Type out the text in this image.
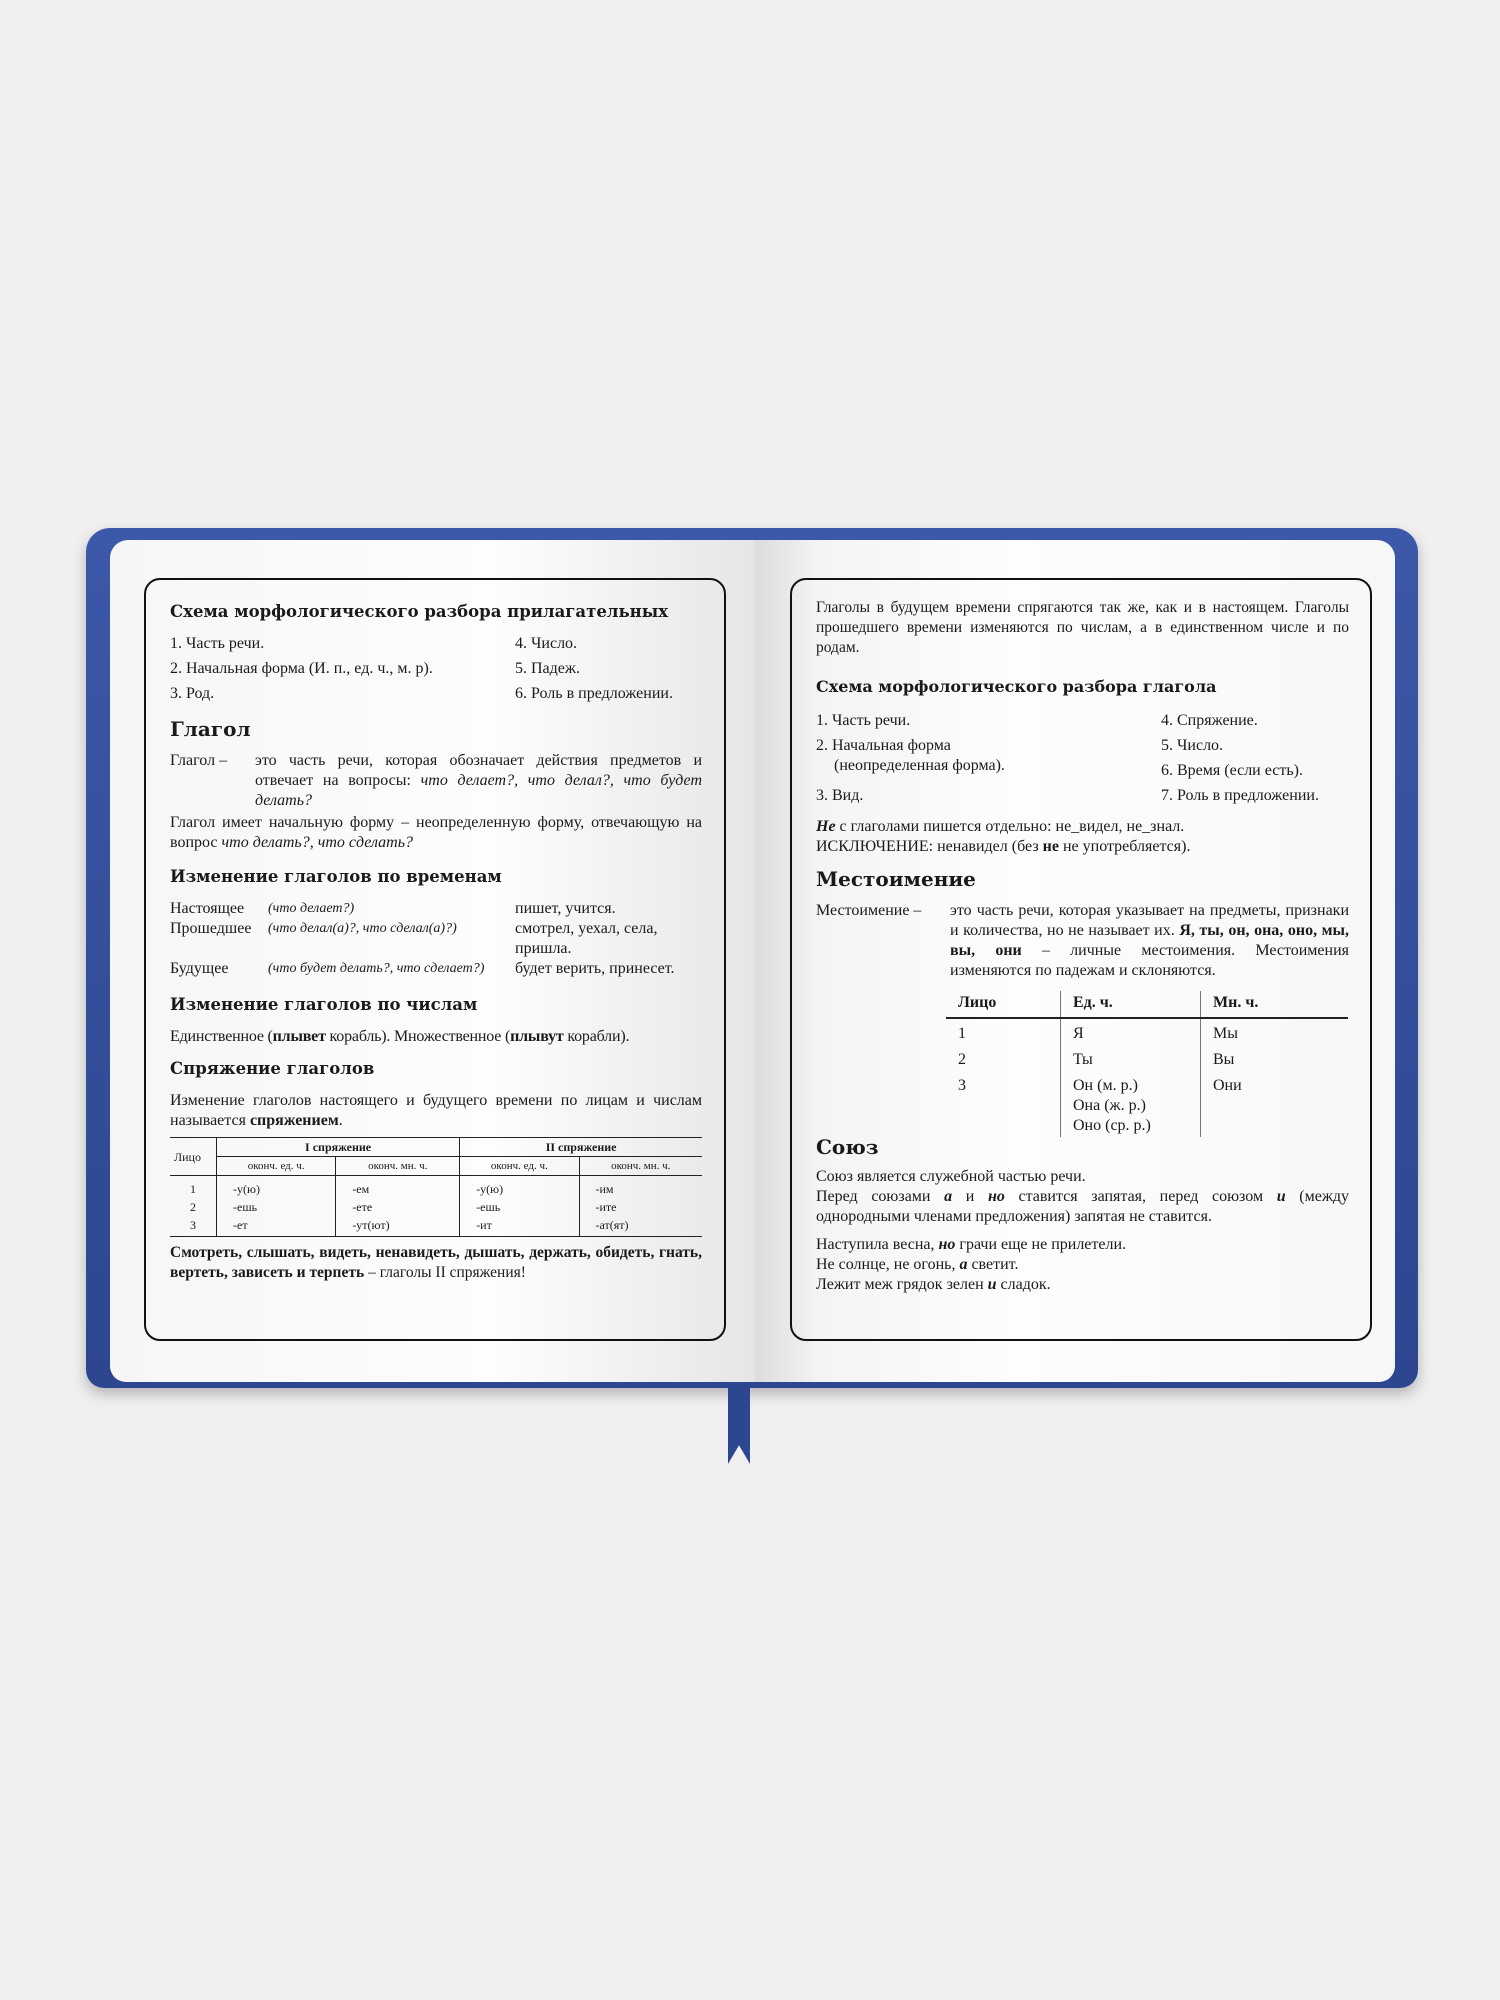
Схема морфологического разбора прилагательных
1. Часть речи.
2. Начальная форма (И. п., ед. ч., м. р).
3. Род.
4. Число.
5. Падеж.
6. Роль в предложении.
Глагол
Глагол –	это часть речи, которая обозначает действия предметов и отвечает на вопросы: что делает?, что делал?, что будет делать?
Глагол имеет начальную форму – неопределенную форму, отвечающую на вопрос что делать?, что сделать?
Изменение глаголов по временам
Настоящее	(что делает?)	пишет, учится.
Прошедшее	(что делал(а)?, что сделал(а)?)	смотрел, уехал, села, пришла.
Будущее	(что будет делать?, что сделает?)	будет верить, принесет.
Изменение глаголов по числам
Единственное (плывет корабль). Множественное (плывут корабли).
Спряжение глаголов
Изменение глаголов настоящего и будущего времени по лицам и числам называется спряжением.
Лицо	I спряжение		II спряжение	
	оконч. ед. ч.	оконч. мн. ч.	оконч. ед. ч.	оконч. мн. ч.
1	-у(ю)	-ем	-у(ю)	-им
2	-ешь	-ете	-ешь	-ите
3	-ет	-ут(ют)	-ит	-ат(ят)
Смотреть, слышать, видеть, ненавидеть, дышать, держать, обидеть, гнать, вертеть, зависеть и терпеть – глаголы II спряжения!
Глаголы в будущем времени спрягаются так же, как и в настоящем. Глаголы прошедшего времени изменяются по числам, а в единственном числе и по родам.
Схема морфологического разбора глагола
1. Часть речи.
2. Начальная форма
(неопределенная форма).
3. Вид.
4. Спряжение.
5. Число.
6. Время (если есть).
7. Роль в предложении.
Не с глаголами пишется отдельно: не_видел, не_знал.
ИСКЛЮЧЕНИЕ: ненавидел (без не не употребляется).
Местоимение
Местоимение –	это часть речи, которая указывает на предметы, признаки и количества, но не называет их. Я, ты, он, она, оно, мы, вы, они – личные местоимения. Местоимения изменяются по падежам и склоняются.
Лицо	Ед. ч.	Мн. ч.
1	Я	Мы
2	Ты	Вы
3	Он (м. р.)
Она (ж. р.)
Оно (ср. р.)	Они
Союз
Союз является служебной частью речи.
Перед союзами а и но ставится запятая, перед союзом и (между однородными членами предложения) запятая не ставится.
Наступила весна, но грачи еще не прилетели.
Не солнце, не огонь, а светит.
Лежит меж грядок зелен и сладок.
